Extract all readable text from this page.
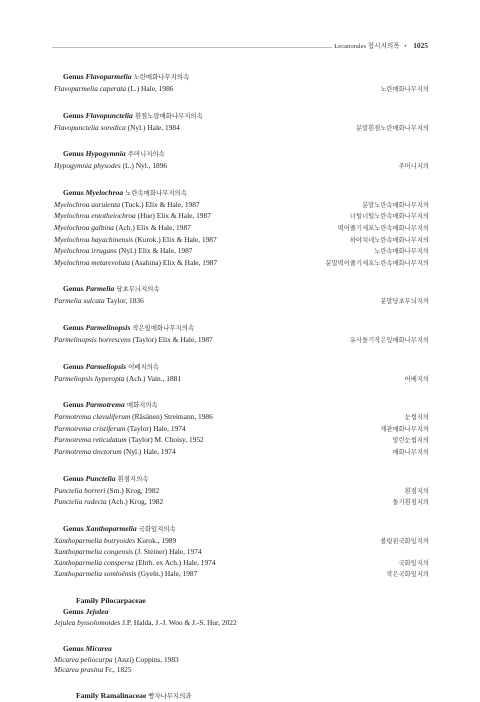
Lecanorales 첩시지의목 • 1025
Genus Flavoparmelia 노란매화나무지의속
Flavoparmelia caperata (L.) Hale, 1986	노란매화나무지의
Genus Flavopunctelia 흰점노랑매화나무지의속
Flavopunctelia soredica (Nyl.) Hale, 1984	분말흰점노란매화나무지의
Genus Hypogymnia 주머니지의속
Hypogymnia physodes (L.) Nyl., 1896	주머니지의
Genus Myelochroa 노란속매화나무지의속
Myelochroa aurulenta (Tuck.) Elix & Hale, 1987	분말노란속매화나무지의
Myelochroa entotheiochroa (Hue) Elix & Hale, 1987	너털너털노란속매화나무지의
Myelochroa galbina (Ach.) Elix & Hale, 1987	떡어줄기세포노란속매화나무지의
Myelochroa hayachinensis (Kurok.) Elix & Hale, 1987	하야치네노란속매화나무지의
Myelochroa irrugans (Nyl.) Elix & Hale, 1987	노란속매화나무지의
Myelochroa metarevoluta (Asahina) Elix & Hale, 1987	분말떡어줄기세포노란속매화나무지의
Genus Parmelia 당초무늬지의속
Parmelia sulcata Taylor, 1836	분말당초무늬지의
Genus Parmelinopsis 작은잎매화나무지의속
Parmelinopsis horrescens (Taylor) Elix & Hale, 1987	유사돌기작은잎매화나무지의
Genus Parmeliopsis 어베지의속
Parmeliopsis hyperopta (Ach.) Vain., 1881	어베지의
Genus Parmotrema 매화지의속
Parmotrema clavuliferum (Räsänen) Streimann, 1986	눈썹지의
Parmotrema cristiferum (Taylor) Hale, 1974	계관매화나무지의
Parmotrema reticulatum (Taylor) M. Choisy, 1952	망린눈썹지의
Parmotrema tinctorum (Nyl.) Hale, 1974	매화나무지의
Genus Punctelia 흰점지의속
Punctelia borreri (Sm.) Krog, 1982	흰점지의
Punctelia rudecta (Ach.) Krog, 1982	돌기흰점지의
Genus Xanthoparmelia 국화잎지의속
Xanthoparmelia botryoides Kurok., 1989	볼링핀국화잎지의
Xanthoparmelia congensis (J. Steiner) Hale, 1974
Xanthoparmelia conspersa (Ehrh. ex Ach.) Hale, 1974	국화잎지의
Xanthoparmelia somloënsis (Gyeln.) Hale, 1987	작은국화잎지의
Family Pilocarpaceae
Genus Jejulea
Jejulea byssolomoides J.P. Halda, J.-J. Woo & J.-S. Hur, 2022
Genus Micarea
Micarea peliocarpa (Anzi) Coppins, 1983
Micarea prasina Fr., 1825
Family Ramalinaceae 빵자나무지의과
